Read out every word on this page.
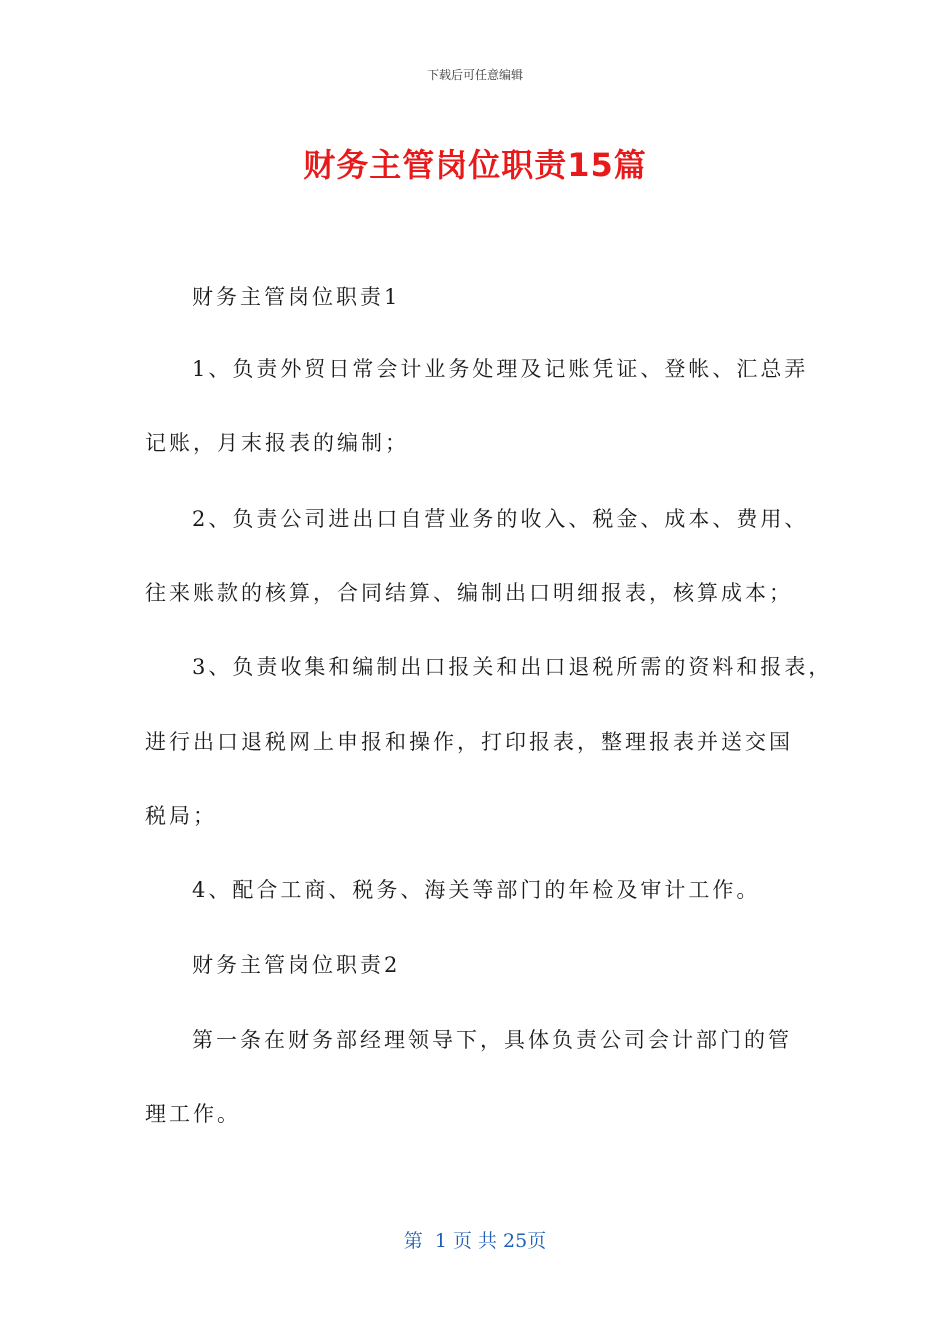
下载后可任意编辑
财务主管岗位职责15篇
财务主管岗位职责1
1、负责外贸日常会计业务处理及记账凭证、登帐、汇总弄
记账，月末报表的编制；
2、负责公司进出口自营业务的收入、税金、成本、费用、
往来账款的核算，合同结算、编制出口明细报表，核算成本；
3、负责收集和编制出口报关和出口退税所需的资料和报表，
进行出口退税网上申报和操作，打印报表，整理报表并送交国
税局；
4、配合工商、税务、海关等部门的年检及审计工作。
财务主管岗位职责2
第一条在财务部经理领导下，具体负责公司会计部门的管
理工作。
第  1 页 共 25页
